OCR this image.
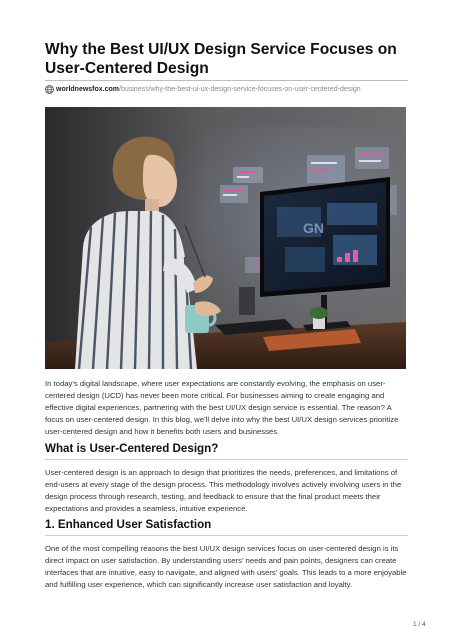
Why the Best UI/UX Design Service Focuses on User-Centered Design
worldnewsfox.com /business/why-the-best-ui-ux-design-service-focuses-on-user-centered-design
GN

In today’s digital landscape, where user expectations are constantly evolving, the emphasis on user-centered design (UCD) has never been more critical. For businesses aiming to create engaging and effective digital experiences, partnering with the best UI/UX design service is essential. The reason? A focus on user-centered design. In this blog, we’ll delve into why the best UI/UX design services prioritize user-centered design and how it benefits both users and businesses.

What is User-Centered Design?

User-centered design is an approach to design that prioritizes the needs, preferences, and limitations of end-users at every stage of the design process. This methodology involves actively involving users in the design process through research, testing, and feedback to ensure that the final product meets their expectations and provides a seamless, intuitive experience.

1. Enhanced User Satisfaction

One of the most compelling reasons the best UI/UX design services focus on user-centered design is its direct impact on user satisfaction. By understanding users’ needs and pain points, designers can create interfaces that are intuitive, easy to navigate, and aligned with users’ goals. This leads to a more enjoyable and fulfilling user experience, which can significantly increase user satisfaction and loyalty.

1 / 4
